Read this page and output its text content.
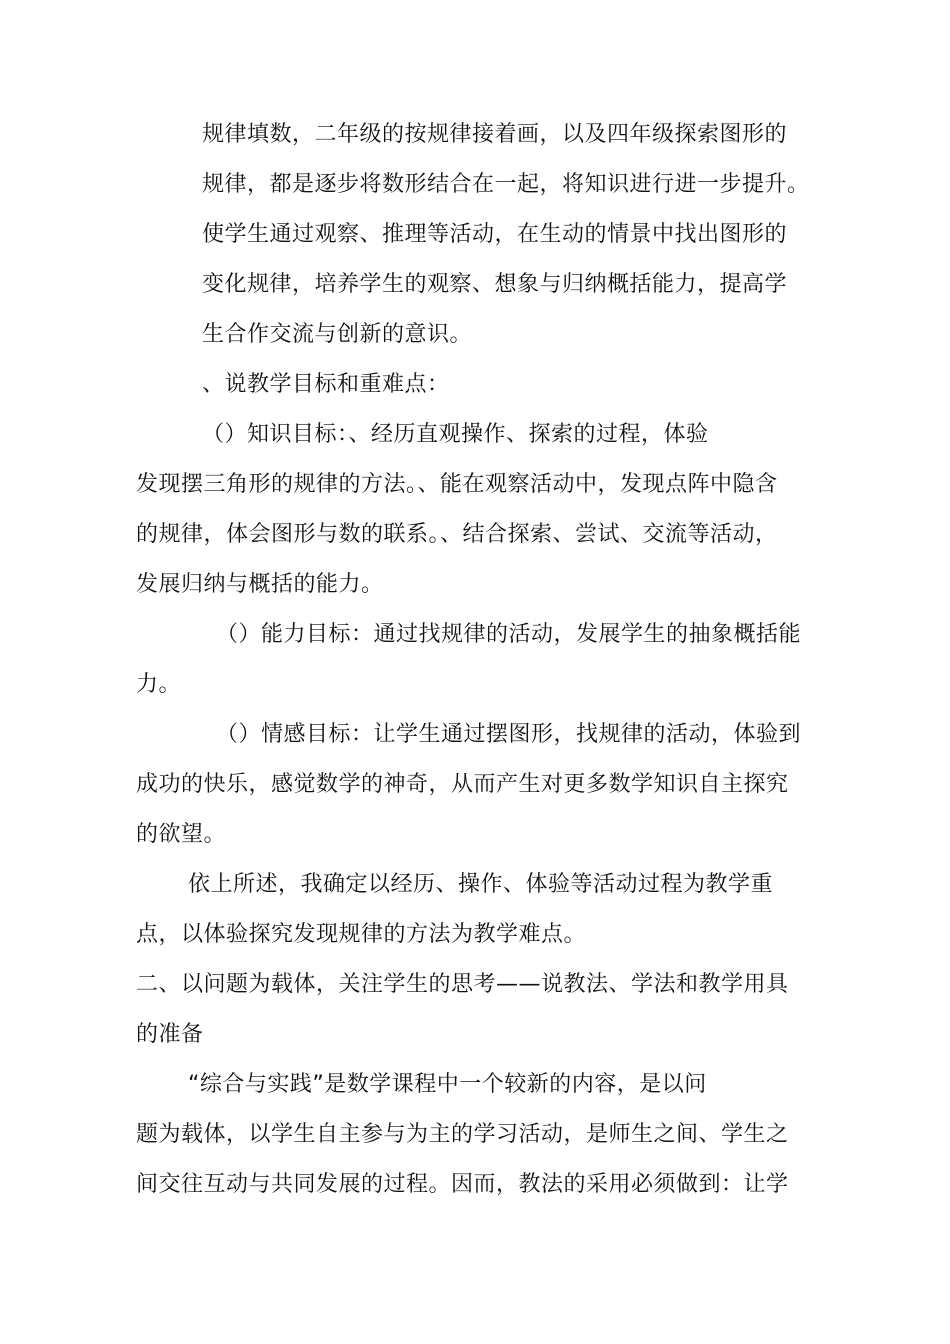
规律填数，二年级的按规律接着画，以及四年级探索图形的
规律，都是逐步将数形结合在一起，将知识进行进一步提升。
使学生通过观察、推理等活动，在生动的情景中找出图形的
变化规律，培养学生的观察、想象与归纳概括能力，提高学
生合作交流与创新的意识。
、说教学目标和重难点：
（）知识目标：、经历直观操作、探索的过程，体验
发现摆三角形的规律的方法。、能在观察活动中，发现点阵中隐含
的规律，体会图形与数的联系。、结合探索、尝试、交流等活动，
发展归纳与概括的能力。
（）能力目标：通过找规律的活动，发展学生的抽象概括能
力。
（）情感目标：让学生通过摆图形，找规律的活动，体验到
成功的快乐，感觉数学的神奇，从而产生对更多数学知识自主探究
的欲望。
依上所述，我确定以经历、操作、体验等活动过程为教学重
点，以体验探究发现规律的方法为教学难点。
二、以问题为载体，关注学生的思考——说教法、学法和教学用具
的准备
“综合与实践”是数学课程中一个较新的内容，是以问
题为载体，以学生自主参与为主的学习活动，是师生之间、学生之
间交往互动与共同发展的过程。因而，教法的采用必须做到：让学
